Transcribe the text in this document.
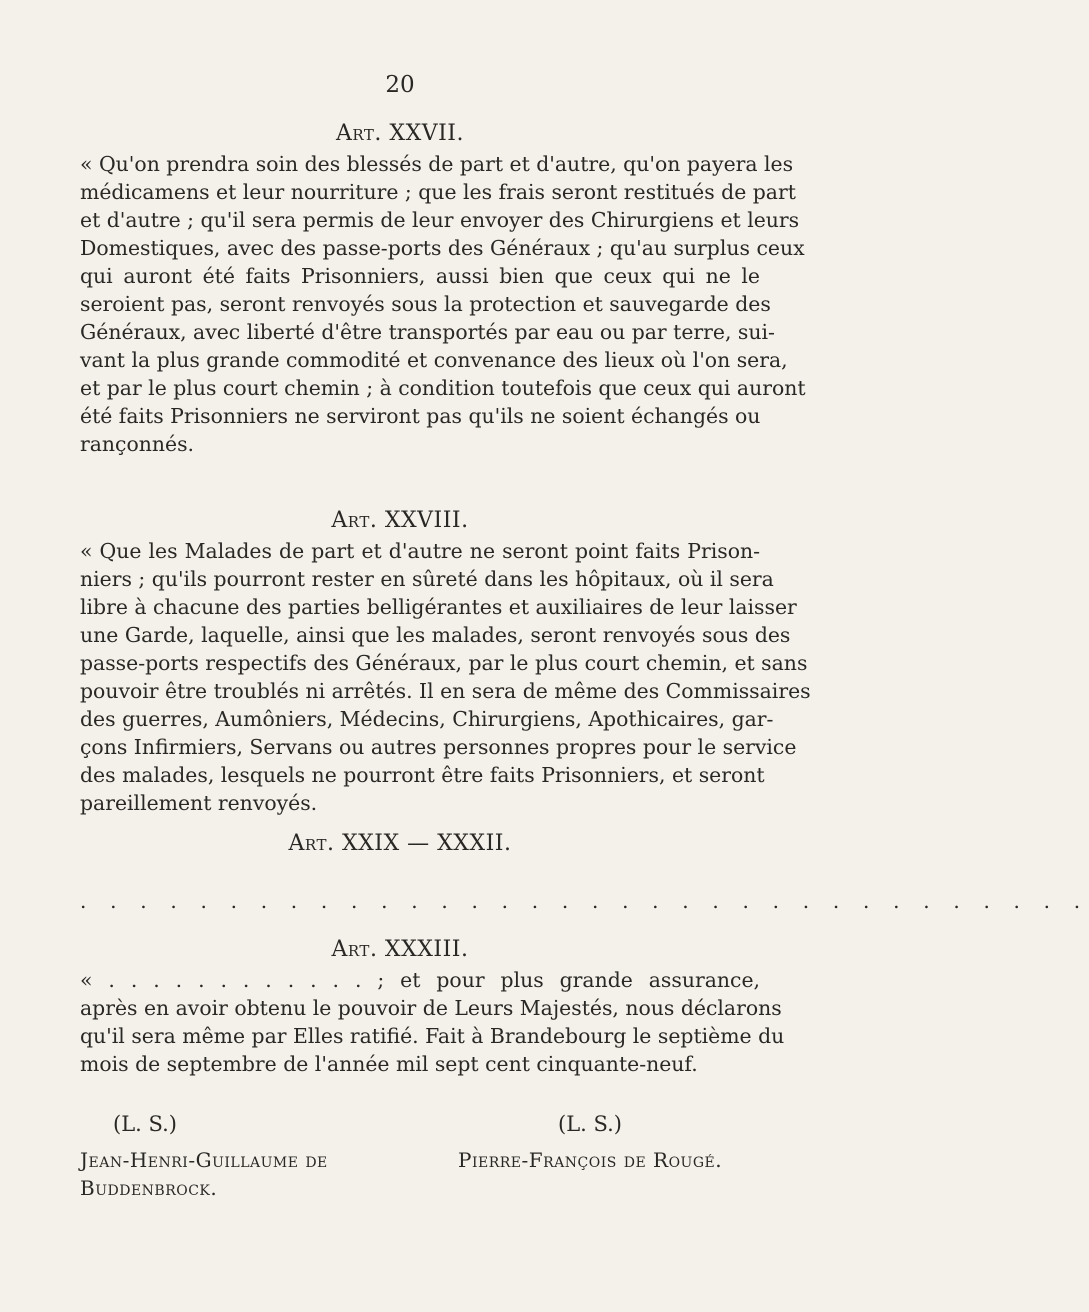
20
Art. XXVII.
« Qu'on prendra soin des blessés de part et d'autre, qu'on payera les
médicamens et leur nourriture ; que les frais seront restitués de part
et d'autre ; qu'il sera permis de leur envoyer des Chirurgiens et leurs
Domestiques, avec des passe-ports des Généraux ; qu'au surplus ceux
qui auront été faits Prisonniers, aussi bien que ceux qui ne le
seroient pas, seront renvoyés sous la protection et sauvegarde des
Généraux, avec liberté d'être transportés par eau ou par terre, sui-
vant la plus grande commodité et convenance des lieux où l'on sera,
et par le plus court chemin ; à condition toutefois que ceux qui auront
été faits Prisonniers ne serviront pas qu'ils ne soient échangés ou
rançonnés.
Art. XXVIII.
« Que les Malades de part et d'autre ne seront point faits Prison-
niers ; qu'ils pourront rester en sûreté dans les hôpitaux, où il sera
libre à chacune des parties belligérantes et auxiliaires de leur laisser
une Garde, laquelle, ainsi que les malades, seront renvoyés sous des
passe-ports respectifs des Généraux, par le plus court chemin, et sans
pouvoir être troublés ni arrêtés. Il en sera de même des Commissaires
des guerres, Aumôniers, Médecins, Chirurgiens, Apothicaires, gar-
çons Infirmiers, Servans ou autres personnes propres pour le service
des malades, lesquels ne pourront être faits Prisonniers, et seront
pareillement renvoyés.
Art. XXIX — XXXII.
. . . . . . . . . . . . . . . . . . . . . . . . . . . . . . . . . .
Art. XXXIII.
« . . . . . . . . . . . . ; et pour plus grande assurance,
après en avoir obtenu le pouvoir de Leurs Majestés, nous déclarons
qu'il sera même par Elles ratifié. Fait à Brandebourg le septième du
mois de septembre de l'année mil sept cent cinquante-neuf.
(L. S.)	(L. S.)
Jean-Henri-Guillaume de
Buddenbrock.
Pierre-François de Rougé.
